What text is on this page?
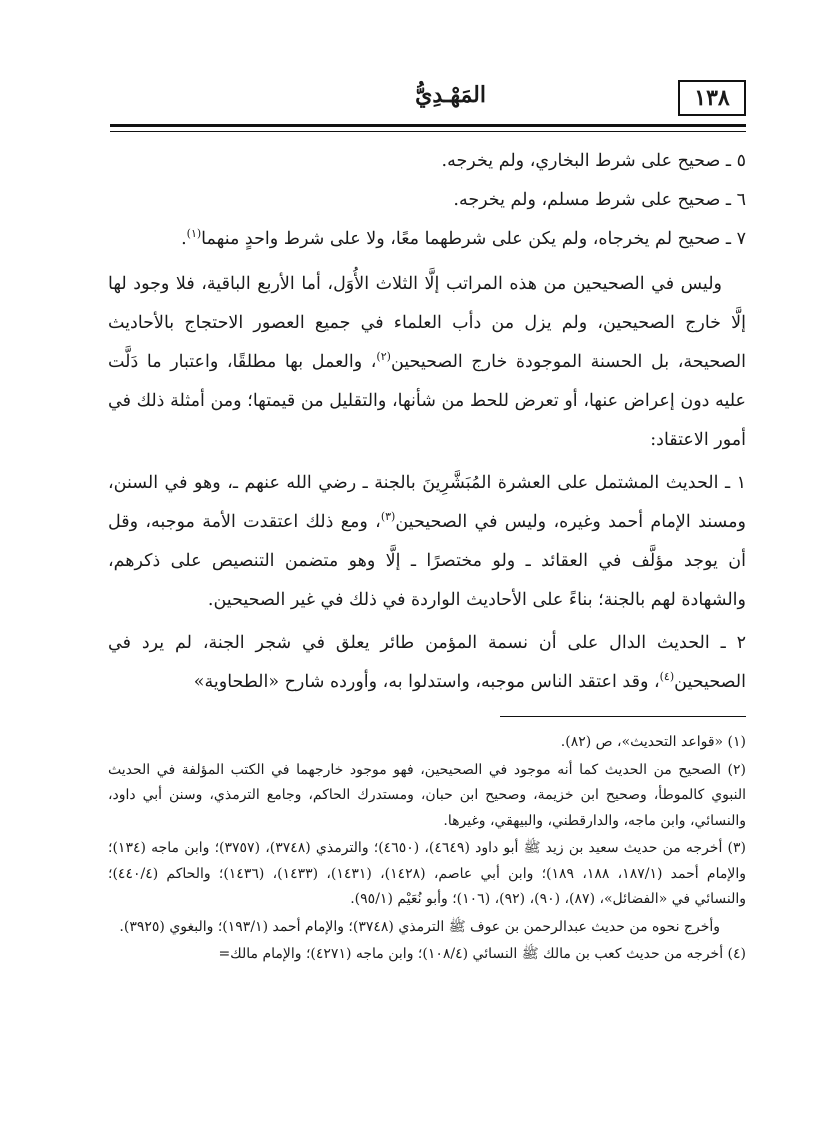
١٣٨
المَهْـدِيُّ

٥ ـ صحيح على شرط البخاري، ولم يخرجه.

٦ ـ صحيح على شرط مسلم، ولم يخرجه.

٧ ـ صحيح لم يخرجاه، ولم يكن على شرطهما معًا، ولا على شرط واحدٍ منهما$^{(١)}$.

وليس في الصحيحين من هذه المراتب إلَّا الثلاث الأُوَل، أما الأربع الباقية، فلا وجود لها إلَّا خارج الصحيحين، ولم يزل من دأب العلماء في جميع العصور الاحتجاج بالأحاديث الصحيحة، بل الحسنة الموجودة خارج الصحيحين$^{(٢)}$، والعمل بها مطلقًا، واعتبار ما دَلَّت عليه دون إعراض عنها، أو تعرض للحط من شأنها، والتقليل من قيمتها؛ ومن أمثلة ذلك في أمور الاعتقاد:

١ ـ الحديث المشتمل على العشرة المُبَشَّرِينَ بالجنة ـ رضي الله عنهم ـ، وهو في السنن، ومسند الإمام أحمد وغيره، وليس في الصحيحين$^{(٣)}$، ومع ذلك اعتقدت الأمة موجبه، وقل أن يوجد مؤلَّف في العقائد ـ ولو مختصرًا ـ إلَّا وهو متضمن التنصيص على ذكرهم، والشهادة لهم بالجنة؛ بناءً على الأحاديث الواردة في ذلك في غير الصحيحين.

٢ ـ الحديث الدال على أن نسمة المؤمن طائر يعلق في شجر الجنة، لم يرد في الصحيحين$^{(٤)}$، وقد اعتقد الناس موجبه، واستدلوا به، وأورده شارح «الطحاوية»

(١) «قواعد التحديث»، ص (٨٢).

(٢) الصحيح من الحديث كما أنه موجود في الصحيحين، فهو موجود خارجهما في الكتب المؤلفة في الحديث النبوي كالموطأ، وصحيح ابن خزيمة، وصحيح ابن حبان، ومستدرك الحاكم، وجامع الترمذي، وسنن أبي داود، والنسائي، وابن ماجه، والدارقطني، والبيهقي، وغيرها.

(٣) أخرجه من حديث سعيد بن زيد ﷺ أبو داود (٤٦٤٩)، (٤٦٥٠)؛ والترمذي (٣٧٤٨)، (٣٧٥٧)؛ وابن ماجه (١٣٤)؛ والإمام أحمد (١٨٧/١، ١٨٨، ١٨٩)؛ وابن أبي عاصم، (١٤٢٨)، (١٤٣١)، (١٤٣٣)، (١٤٣٦)؛ والحاكم (٤٤٠/٤)؛ والنسائي في «الفضائل»، (٨٧)، (٩٠)، (٩٢)، (١٠٦)؛ وأبو نُعَيْم (٩٥/١).

وأخرج نحوه من حديث عبدالرحمن بن عوف ﷺ الترمذي (٣٧٤٨)؛ والإمام أحمد (١٩٣/١)؛ والبغوي (٣٩٢٥).

(٤) أخرجه من حديث كعب بن مالك ﷺ النسائي (١٠٨/٤)؛ وابن ماجه (٤٢٧١)؛ والإمام مالك=
